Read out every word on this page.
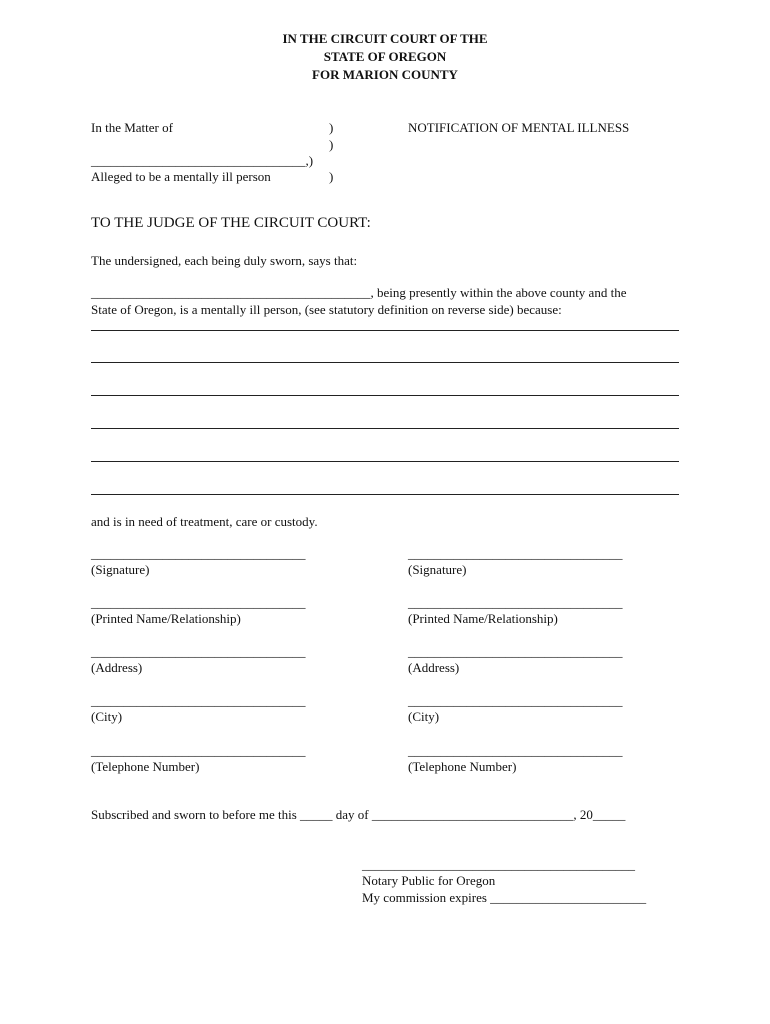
IN THE CIRCUIT COURT OF THE
STATE OF OREGON
FOR MARION COUNTY
In the Matter of	)
)
_________________________________,)
Alleged to be a mentally ill person	)
NOTIFICATION OF MENTAL ILLNESS
TO THE JUDGE OF THE CIRCUIT COURT:
The undersigned, each being duly sworn, says that:
___________________________________________, being presently within the above county and the
State of Oregon, is a mentally ill person, (see statutory definition on reverse side) because:
and is in need of treatment, care or custody.
_________________________________
(Signature)
_________________________________
(Printed Name/Relationship)
_________________________________
(Address)
_________________________________
(City)
_________________________________
(Telephone Number)
_________________________________
(Signature)
_________________________________
(Printed Name/Relationship)
_________________________________
(Address)
_________________________________
(City)
_________________________________
(Telephone Number)
Subscribed and sworn to before me this _____ day of _______________________________, 20_____
__________________________________________
Notary Public for Oregon
My commission expires ________________________
